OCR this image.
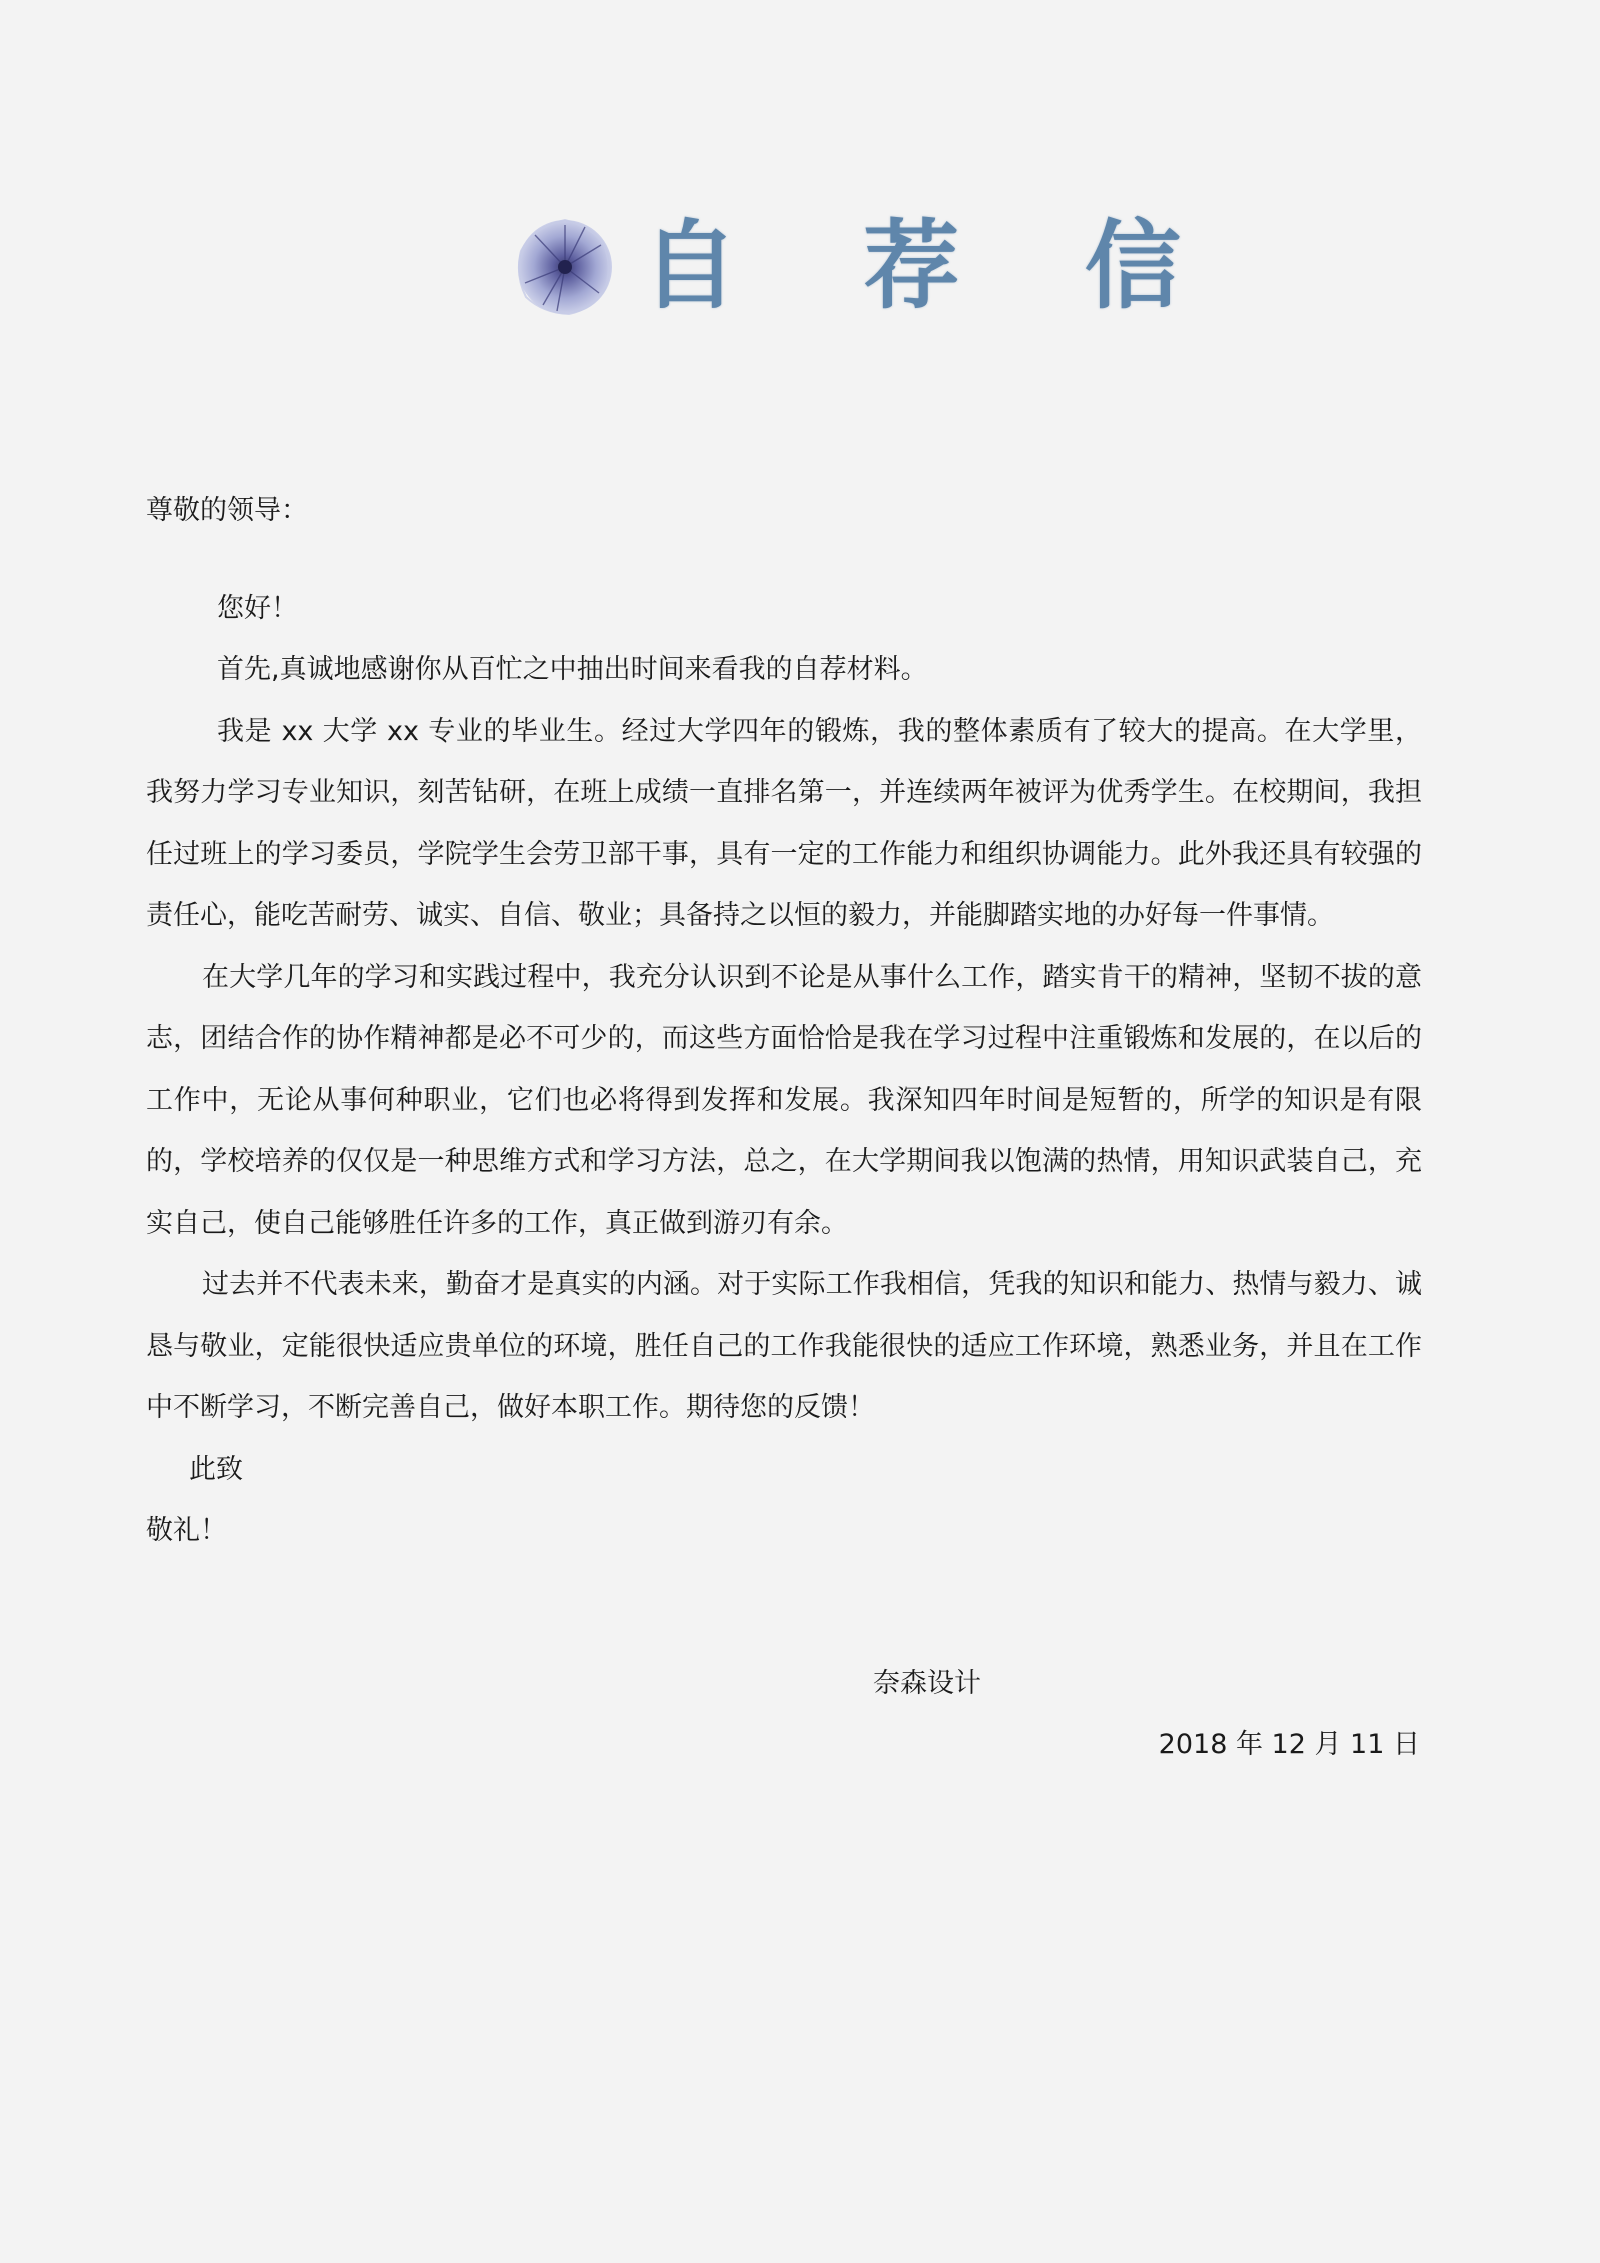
自 荐 信

尊敬的领导：

您好！

首先,真诚地感谢你从百忙之中抽出时间来看我的自荐材料。

我是 xx 大学 xx 专业的毕业生。经过大学四年的锻炼，我的整体素质有了较大的提高。在大学里，我努力学习专业知识，刻苦钻研，在班上成绩一直排名第一，并连续两年被评为优秀学生。在校期间，我担任过班上的学习委员，学院学生会劳卫部干事，具有一定的工作能力和组织协调能力。此外我还具有较强的责任心，能吃苦耐劳、诚实、自信、敬业；具备持之以恒的毅力，并能脚踏实地的办好每一件事情。

在大学几年的学习和实践过程中，我充分认识到不论是从事什么工作，踏实肯干的精神，坚韧不拔的意志，团结合作的协作精神都是必不可少的，而这些方面恰恰是我在学习过程中注重锻炼和发展的，在以后的工作中，无论从事何种职业，它们也必将得到发挥和发展。我深知四年时间是短暂的，所学的知识是有限的，学校培养的仅仅是一种思维方式和学习方法，总之，在大学期间我以饱满的热情，用知识武装自己，充实自己，使自己能够胜任许多的工作，真正做到游刃有余。

过去并不代表未来，勤奋才是真实的内涵。对于实际工作我相信，凭我的知识和能力、热情与毅力、诚恳与敬业，定能很快适应贵单位的环境，胜任自己的工作我能很快的适应工作环境，熟悉业务，并且在工作中不断学习，不断完善自己，做好本职工作。期待您的反馈！

此致

敬礼！

奈森设计
2018 年 12 月 11 日
